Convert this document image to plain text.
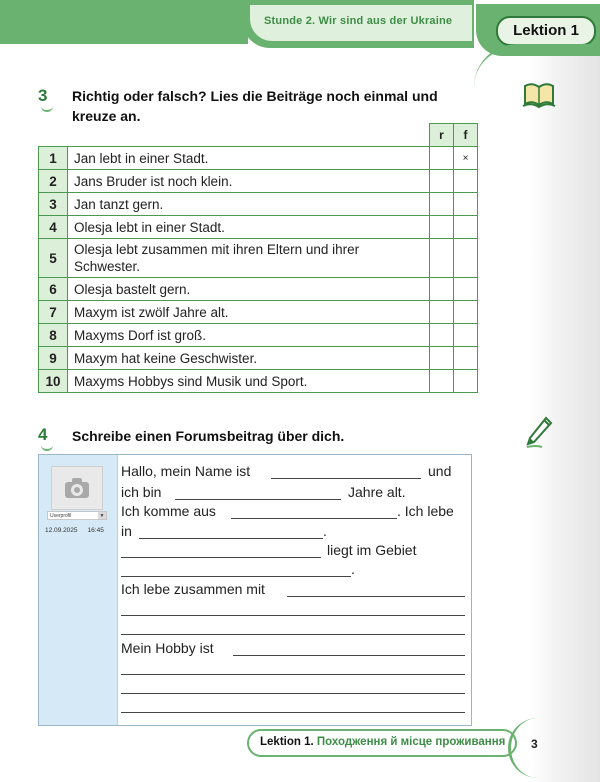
Stunde 2. Wir sind aus der Ukraine
Lektion 1
3 Richtig oder falsch? Lies die Beiträge noch einmal und
kreuze an.
		r	f
1	Jan lebt in einer Stadt.		×
2	Jans Bruder ist noch klein.		
3	Jan tanzt gern.		
4	Olesja lebt in einer Stadt.		
5	Olesja lebt zusammen mit ihren Eltern und ihrer
Schwester.		

6	Olesja bastelt gern.		
7	Maxym ist zwölf Jahre alt.		
8	Maxyms Dorf ist groß.		
9	Maxym hat keine Geschwister.		
10	Maxyms Hobbys sind Musik und Sport.		
4 Schreibe einen Forumsbeitrag über dich.
Userprofil	▼
12.09.2025 16:45
Hallo, mein Name ist	und
ich bin	Jahre alt.
Ich komme aus	. Ich lebe
in	.
liegt im Gebiet
.
Ich lebe zusammen mit
Mein Hobby ist
Lektion 1. Походження й місце проживання 3
